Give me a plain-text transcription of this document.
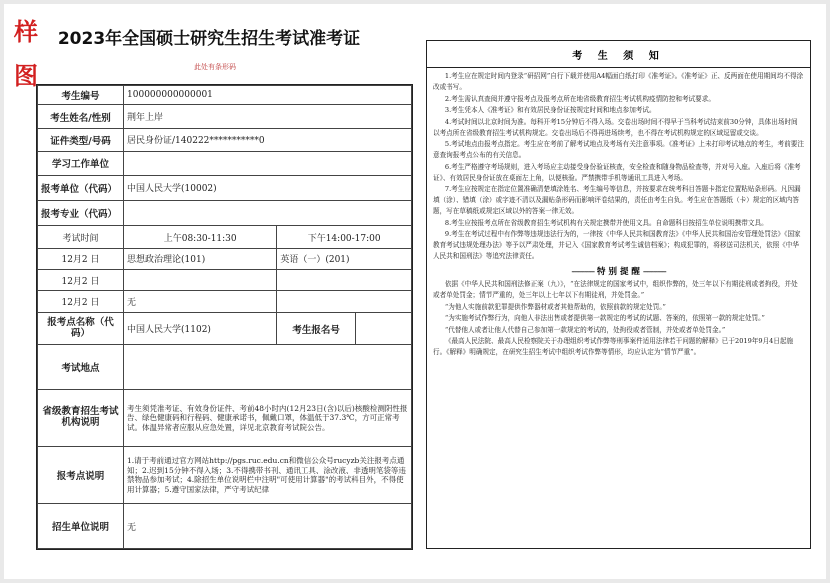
样
图
2023年全国硕士研究生招生考试准考证
此处有条形码
考生编号	100000000000001	
考生姓名/性别	荆年上岸	
证件类型/号码	居民身份证/140222***********0	
学习工作单位		
报考单位（代码）	中国人民大学(10002)	
报考专业（代码）		
考试时间	上午08:30-11:30	下午14:00-17:00
12月2 日	思想政治理论(101)	英语（一）(201)
12月2 日		
12月2 日	无	
报考点名称（代码）	中国人民大学(1102)	考生报名号

考试地点		
省级教育招生考试机构说明	考生须凭准考证、有效身份证件、考前48小时内(12月23日(含)以后)核酸检测阴性报告、绿色健康码和行程码、健康承诺书，佩戴口罩，体温低于37.3℃，方可正常考试。体温异常者应服从应急处置，详见北京教育考试院公告。	
报考点说明	1.请于考前通过官方网站http://pgs.ruc.edu.cn和微信公众号rucyzb关注报考点通知；2.迟到15分钟不得入场；3.不得携带书刊、通讯工具、涂改液、非透明笔袋等违禁物品参加考试；4.除招生单位说明栏中注明"可使用计算器"的考试科目外，不得使用计算器；5.遵守国家法律，严守考试纪律	
招生单位说明	无	
考 生 须 知

1.考生应在规定时间内登录“研招网”自行下载并使用A4幅面白纸打印《准考证》。《准考证》正、反两面在使用期间均不得涂改或书写。

2.考生需认真查阅并遵守报考点及报考点所在地省级教育招生考试机构疫情防控和考试要求。

3.考生凭本人《准考证》和有效居民身份证按规定时间和地点参加考试。

4.考试时间以北京时间为准。每科开考15分钟后不得入场。交卷出场时间不得早于当科考试结束前30分钟，具体出场时间以考点所在省级教育招生考试机构规定。交卷出场后不得再进场续考，也不得在考试机构规定的区域逗留或交谈。

5.考试地点由报考点指定。考生应在考前了解考试地点及考场有关注意事项。《准考证》上未打印考试地点的考生，考前要注意查询报考点公布的有关信息。

6.考生严格遵守考场规则，进入考场应主动接受身份验证核查，安全检查和随身物品检查等，并对号入座。入座后将《准考证》、有效居民身份证放在桌面左上角，以便核验。严禁携带手机等通讯工具进入考场。

7.考生应按规定在指定位置准确清楚填涂姓名、考生编号等信息，并按要求在统考科目答题卡指定位置粘贴条形码。凡因漏填（涂）、错填（涂）或字迹不清以及漏贴条形码而影响评卷结果的，责任由考生自负。考生应在答题纸（卡）规定的区域内答题，写在草稿纸或规定区域以外的答案一律无效。

8.考生应按报考点所在省级教育招生考试机构有关规定携带并使用文具。自命题科目按招生单位说明携带文具。

9.考生在考试过程中有作弊等违规违法行为的，一律按《中华人民共和国教育法》《中华人民共和国治安管理处罚法》《国家教育考试违规处理办法》等予以严肃处理，并记入《国家教育考试考生诚信档案》；构成犯罪的，将移送司法机关，依照《中华人民共和国刑法》等追究法律责任。

----------- 特 别 提 醒 -----------

依据《中华人民共和国刑法修正案（九）》，“在法律规定的国家考试中，组织作弊的，处三年以下有期徒刑或者拘役，并处或者单处罚金；情节严重的，处三年以上七年以下有期徒刑，并处罚金。”

“为他人实施前款犯罪提供作弊器材或者其他帮助的，依照前款的规定处罚。”

“为实施考试作弊行为，向他人非法出售或者提供第一款规定的考试的试题、答案的，依照第一款的规定处罚。”

“代替他人或者让他人代替自己参加第一款规定的考试的，处拘役或者管制，并处或者单处罚金。”

《最高人民法院、最高人民检察院关于办理组织考试作弊等刑事案件适用法律若干问题的解释》已于2019年9月4日起施行。《解释》明确规定，在研究生招生考试中组织考试作弊等情形，均应认定为“情节严重”。
